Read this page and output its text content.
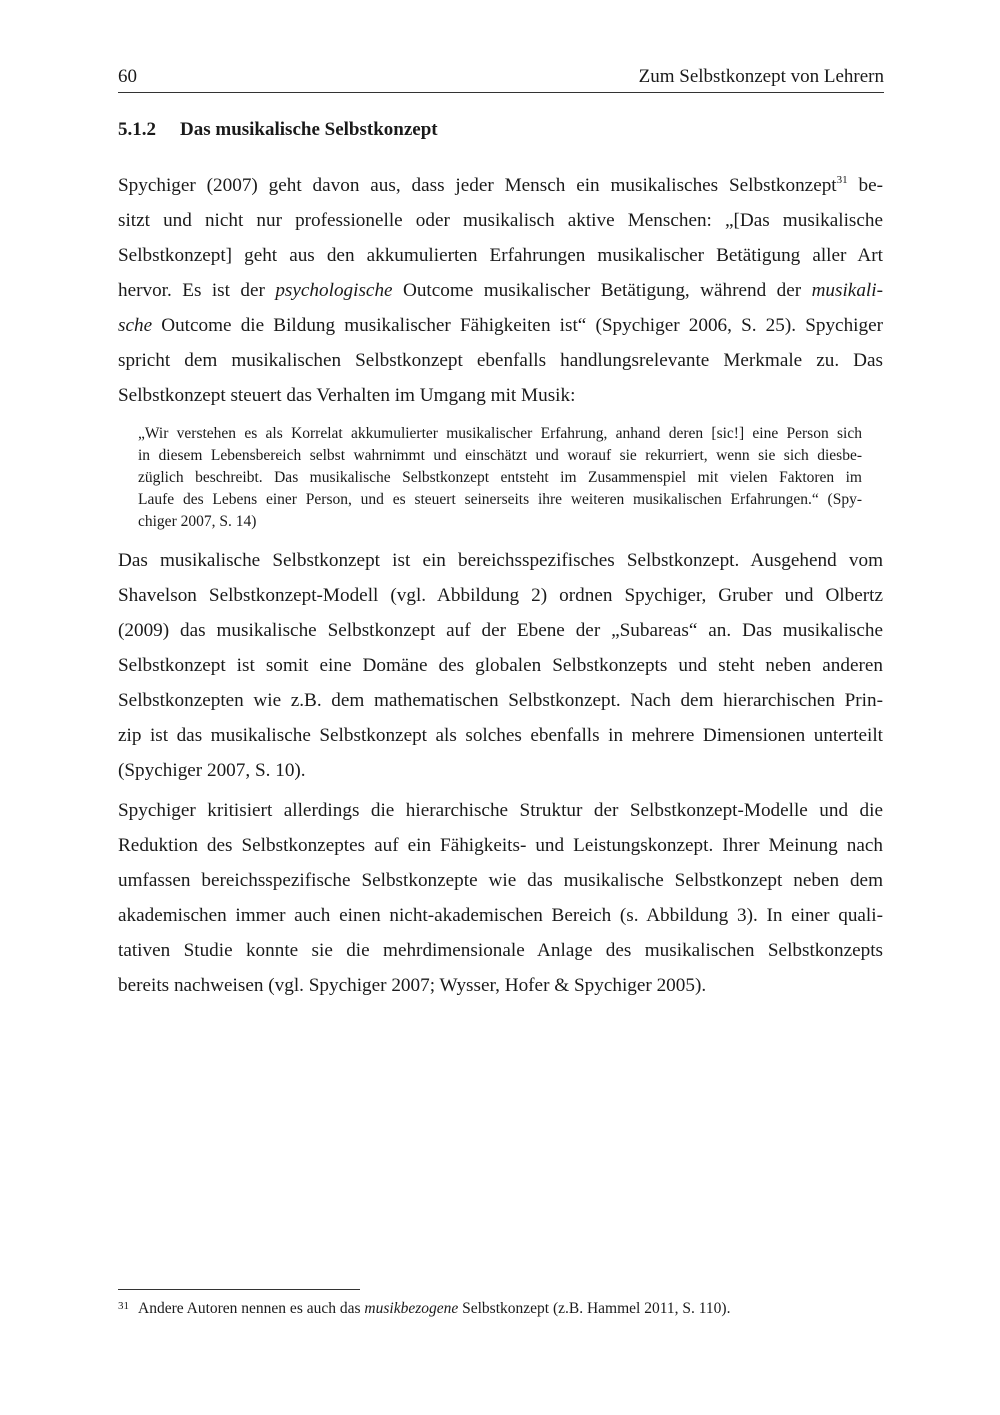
60	Zum Selbstkonzept von Lehrern
5.1.2 Das musikalische Selbstkonzept

Spychiger (2007) geht davon aus, dass jeder Mensch ein musikalisches Selbstkonzept$^{31}$ be-
sitzt und nicht nur professionelle oder musikalisch aktive Menschen: „[Das musikalische
Selbstkonzept] geht aus den akkumulierten Erfahrungen musikalischer Betätigung aller Art
hervor. Es ist der psychologische Outcome musikalischer Betätigung, während der musikali-
sche Outcome die Bildung musikalischer Fähigkeiten ist“ (Spychiger 2006, S. 25). Spychiger
spricht dem musikalischen Selbstkonzept ebenfalls handlungsrelevante Merkmale zu. Das
Selbstkonzept steuert das Verhalten im Umgang mit Musik:

„Wir verstehen es als Korrelat akkumulierter musikalischer Erfahrung, anhand deren [sic!] eine Person sich
in diesem Lebensbereich selbst wahrnimmt und einschätzt und worauf sie rekurriert, wenn sie sich diesbe-
züglich beschreibt. Das musikalische Selbstkonzept entsteht im Zusammenspiel mit vielen Faktoren im
Laufe des Lebens einer Person, und es steuert seinerseits ihre weiteren musikalischen Erfahrungen.“ (Spy-
chiger 2007, S. 14)

Das musikalische Selbstkonzept ist ein bereichsspezifisches Selbstkonzept. Ausgehend vom
Shavelson Selbstkonzept-Modell (vgl. Abbildung 2) ordnen Spychiger, Gruber und Olbertz
(2009) das musikalische Selbstkonzept auf der Ebene der „Subareas“ an. Das musikalische
Selbstkonzept ist somit eine Domäne des globalen Selbstkonzepts und steht neben anderen
Selbstkonzepten wie z.B. dem mathematischen Selbstkonzept. Nach dem hierarchischen Prin-
zip ist das musikalische Selbstkonzept als solches ebenfalls in mehrere Dimensionen unterteilt
(Spychiger 2007, S. 10).

Spychiger kritisiert allerdings die hierarchische Struktur der Selbstkonzept-Modelle und die
Reduktion des Selbstkonzeptes auf ein Fähigkeits- und Leistungskonzept. Ihrer Meinung nach
umfassen bereichsspezifische Selbstkonzepte wie das musikalische Selbstkonzept neben dem
akademischen immer auch einen nicht-akademischen Bereich (s. Abbildung 3). In einer quali-
tativen Studie konnte sie die mehrdimensionale Anlage des musikalischen Selbstkonzepts
bereits nachweisen (vgl. Spychiger 2007; Wysser, Hofer & Spychiger 2005).

31 Andere Autoren nennen es auch das musikbezogene Selbstkonzept (z.B. Hammel 2011, S. 110).
